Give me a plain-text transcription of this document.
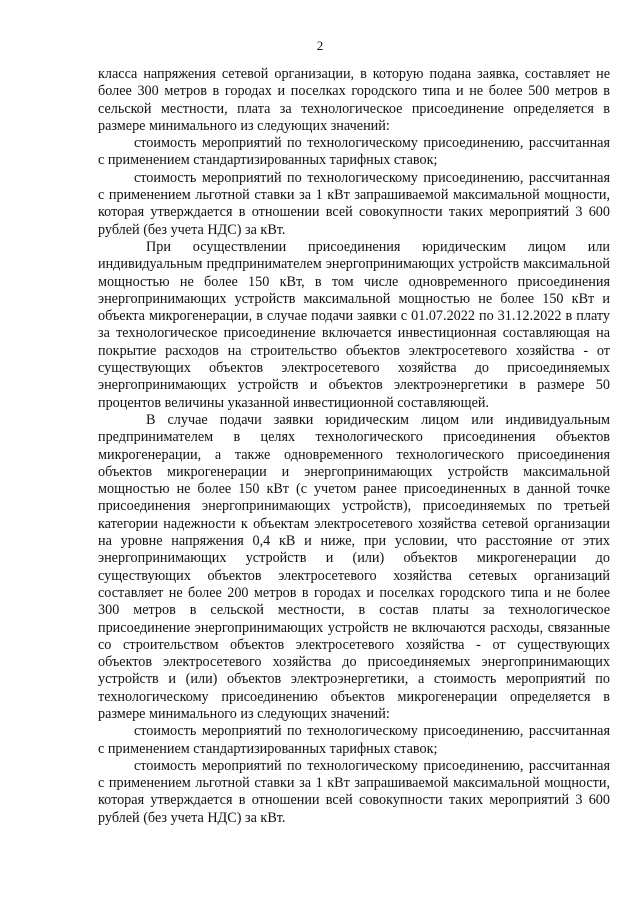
2

класса напряжения сетевой организации, в которую подана заявка, составляет не более 300 метров в городах и поселках городского типа и не более 500 метров в сельской местности, плата за технологическое присоединение определяется в размере минимального из следующих значений:

стоимость мероприятий по технологическому присоединению, рассчитанная с применением стандартизированных тарифных ставок;

стоимость мероприятий по технологическому присоединению, рассчитанная с применением льготной ставки за 1 кВт запрашиваемой максимальной мощности, которая утверждается в отношении всей совокупности таких мероприятий 3 600 рублей (без учета НДС) за кВт.

При осуществлении присоединения юридическим лицом или индивидуальным предпринимателем энергопринимающих устройств максимальной мощностью не более 150 кВт, в том числе одновременного присоединения энергопринимающих устройств максимальной мощностью не более 150 кВт и объекта микрогенерации, в случае подачи заявки с 01.07.2022 по 31.12.2022 в плату за технологическое присоединение включается инвестиционная составляющая на покрытие расходов на строительство объектов электросетевого хозяйства - от существующих объектов электросетевого хозяйства до присоединяемых энергопринимающих устройств и объектов электроэнергетики в размере 50 процентов величины указанной инвестиционной составляющей.

В случае подачи заявки юридическим лицом или индивидуальным предпринимателем в целях технологического присоединения объектов микрогенерации, а также одновременного технологического присоединения объектов микрогенерации и энергопринимающих устройств максимальной мощностью не более 150 кВт (с учетом ранее присоединенных в данной точке присоединения энергопринимающих устройств), присоединяемых по третьей категории надежности к объектам электросетевого хозяйства сетевой организации на уровне напряжения 0,4 кВ и ниже, при условии, что расстояние от этих энергопринимающих устройств и (или) объектов микрогенерации до существующих объектов электросетевого хозяйства сетевых организаций составляет не более 200 метров в городах и поселках городского типа и не более 300 метров в сельской местности, в состав платы за технологическое присоединение энергопринимающих устройств не включаются расходы, связанные со строительством объектов электросетевого хозяйства - от существующих объектов электросетевого хозяйства до присоединяемых энергопринимающих устройств и (или) объектов электроэнергетики, а стоимость мероприятий по технологическому присоединению объектов микрогенерации определяется в размере минимального из следующих значений:

стоимость мероприятий по технологическому присоединению, рассчитанная с применением стандартизированных тарифных ставок;

стоимость мероприятий по технологическому присоединению, рассчитанная с применением льготной ставки за 1 кВт запрашиваемой максимальной мощности, которая утверждается в отношении всей совокупности таких мероприятий 3 600 рублей (без учета НДС) за кВт.
